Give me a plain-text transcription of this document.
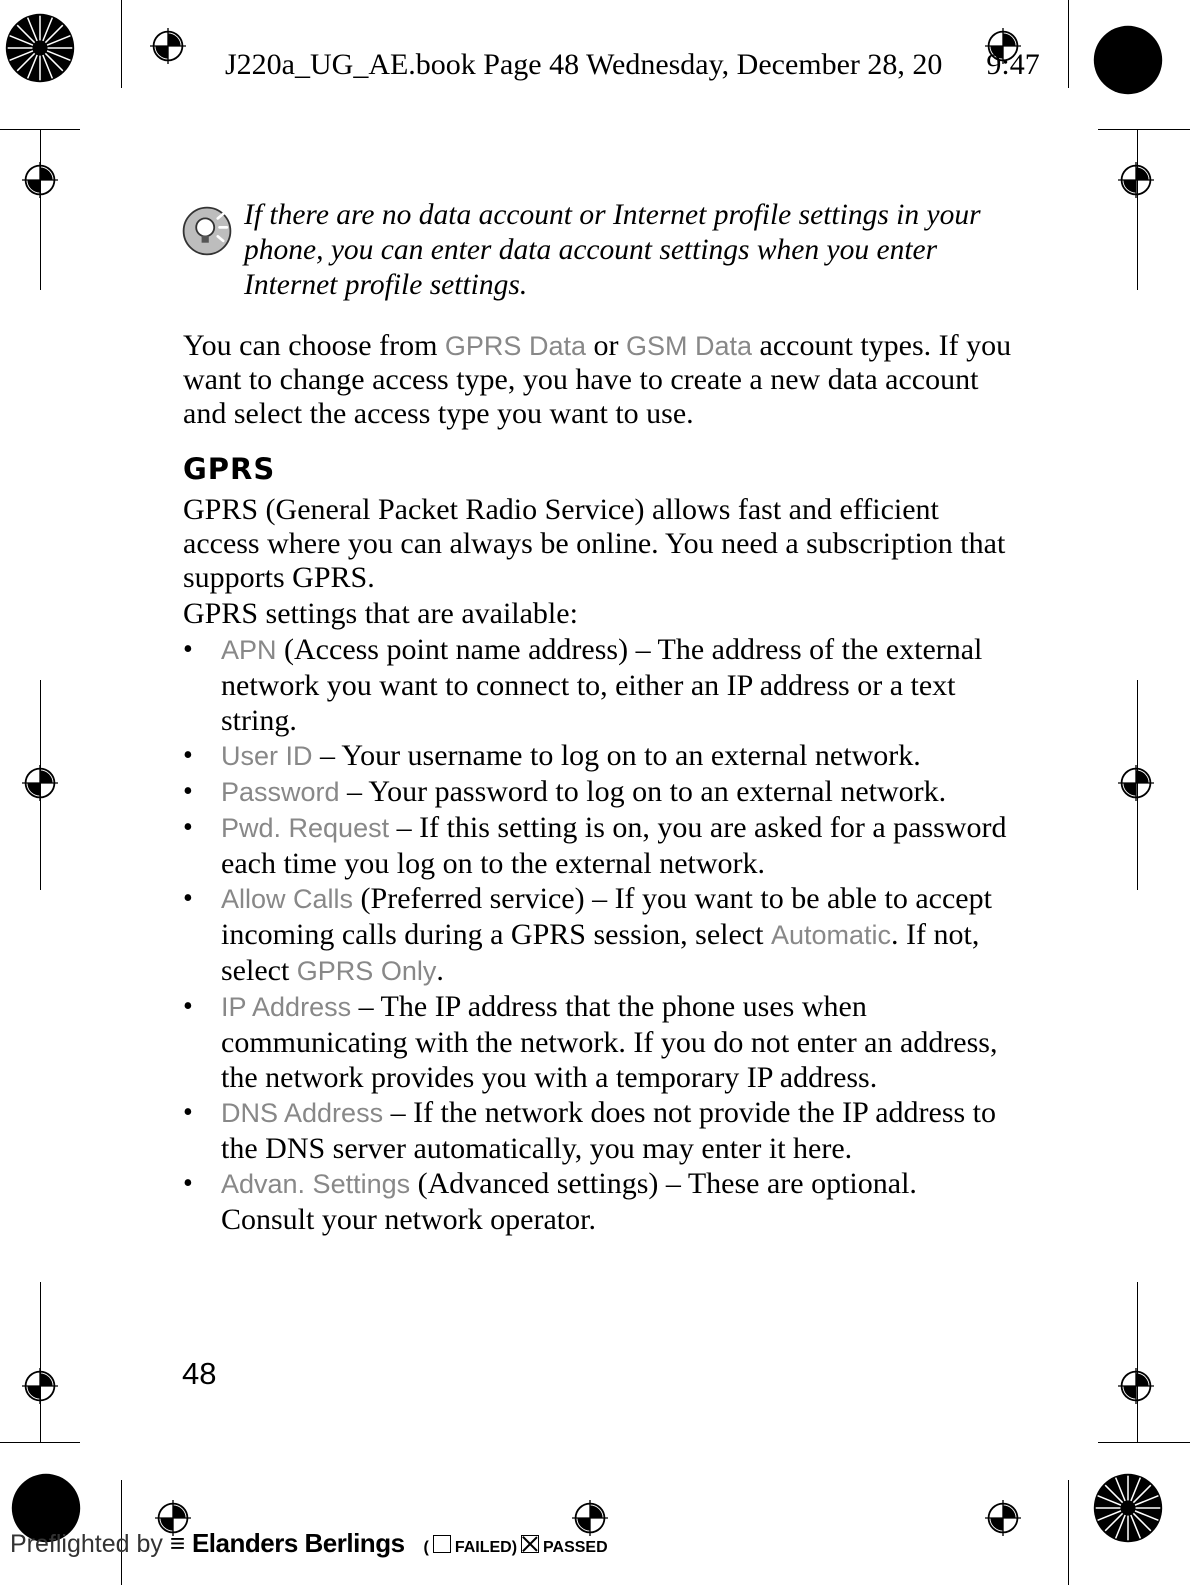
J220a_UG_AE.book Page 48 Wednesday, December 28, 20 9:47
If there are no data account or Internet profile settings in your phone, you can enter data account settings when you enter Internet profile settings.
You can choose from GPRS Data or GSM Data account types. If you want to change access type, you have to create a new data account and select the access type you want to use.
GPRS
GPRS (General Packet Radio Service) allows fast and efficient access where you can always be online. You need a subscription that supports GPRS.
GPRS settings that are available:
• APN (Access point name address) – The address of the external network you want to connect to, either an IP address or a text string.
• User ID – Your username to log on to an external network.
• Password – Your password to log on to an external network.
• Pwd. Request – If this setting is on, you are asked for a password each time you log on to the external network.
• Allow Calls (Preferred service) – If you want to be able to accept incoming calls during a GPRS session, select Automatic. If not, select GPRS Only.
• IP Address – The IP address that the phone uses when communicating with the network. If you do not enter an address, the network provides you with a temporary IP address.
• DNS Address – If the network does not provide the IP address to the DNS server automatically, you may enter it here.
• Advan. Settings (Advanced settings) – These are optional. Consult your network operator.
48
Preflighted by ≡ Elanders Berlings ( FAILED) PASSED
